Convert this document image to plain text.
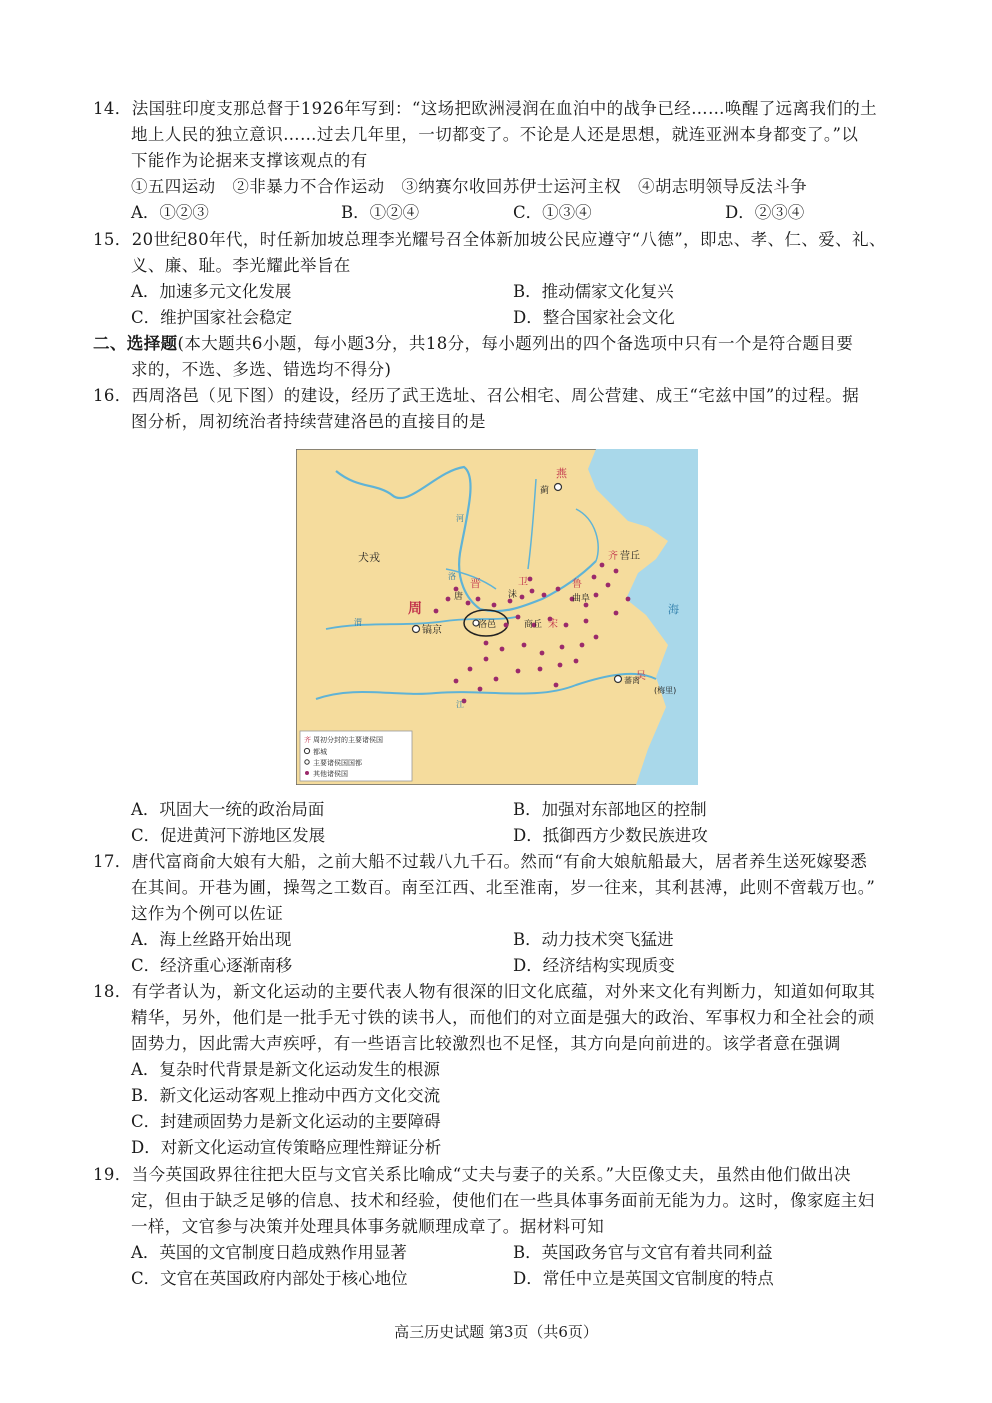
14．法国驻印度支那总督于1926年写到：“这场把欧洲浸润在血泊中的战争已经……唤醒了远离我们的土
地上人民的独立意识……过去几年里，一切都变了。不论是人还是思想，就连亚洲本身都变了。”以
下能作为论据来支撑该观点的有
①五四运动　②非暴力不合作运动　③纳赛尔收回苏伊士运河主权　④胡志明领导反法斗争
A．①②③	B．①②④	C．①③④	D．②③④
15．20世纪80年代，时任新加坡总理李光耀号召全体新加坡公民应遵守“八德”，即忠、孝、仁、爱、礼、
义、廉、耻。李光耀此举旨在
A．加速多元文化发展	B．推动儒家文化复兴
C．维护国家社会稳定	D．整合国家社会文化
二、选择题(本大题共6小题，每小题3分，共18分，每小题列出的四个备选项中只有一个是符合题目要
求的，不选、多选、错选均不得分)
16．西周洛邑（见下图）的建设，经历了武王选址、召公相宅、周公营建、成王“宅兹中国”的过程。据
图分析，周初统治者持续营建洛邑的直接目的是
燕
蓟
犬戎	齐 营丘
晋
唐
卫
沬
鲁
曲阜
周
镐京	洛邑	商丘 宋
吴
蕃离
(梅里)
河
渭
洛
海
江
齐 周初分封的主要诸侯国
都城
主要诸侯国国都
其他诸侯国
A．巩固大一统的政治局面	B．加强对东部地区的控制
C．促进黄河下游地区发展	D．抵御西方少数民族进攻
17．唐代富商俞大娘有大船，之前大船不过载八九千石。然而“有俞大娘航船最大，居者养生送死嫁娶悉
在其间。开巷为圃，操驾之工数百。南至江西、北至淮南，岁一往来，其利甚溥，此则不啻载万也。”
这作为个例可以佐证
A．海上丝路开始出现	B．动力技术突飞猛进
C．经济重心逐渐南移	D．经济结构实现质变
18．有学者认为，新文化运动的主要代表人物有很深的旧文化底蕴，对外来文化有判断力，知道如何取其
精华，另外，他们是一批手无寸铁的读书人，而他们的对立面是强大的政治、军事权力和全社会的顽
固势力，因此需大声疾呼，有一些语言比较激烈也不足怪，其方向是向前进的。该学者意在强调
A．复杂时代背景是新文化运动发生的根源
B．新文化运动客观上推动中西方文化交流
C．封建顽固势力是新文化运动的主要障碍
D．对新文化运动宣传策略应理性辩证分析
19．当今英国政界往往把大臣与文官关系比喻成“丈夫与妻子的关系。”大臣像丈夫，虽然由他们做出决
定，但由于缺乏足够的信息、技术和经验，使他们在一些具体事务面前无能为力。这时，像家庭主妇
一样，文官参与决策并处理具体事务就顺理成章了。据材料可知
A．英国的文官制度日趋成熟作用显著	B．英国政务官与文官有着共同利益
C．文官在英国政府内部处于核心地位	D．常任中立是英国文官制度的特点
高三历史试题 第3页（共6页）
